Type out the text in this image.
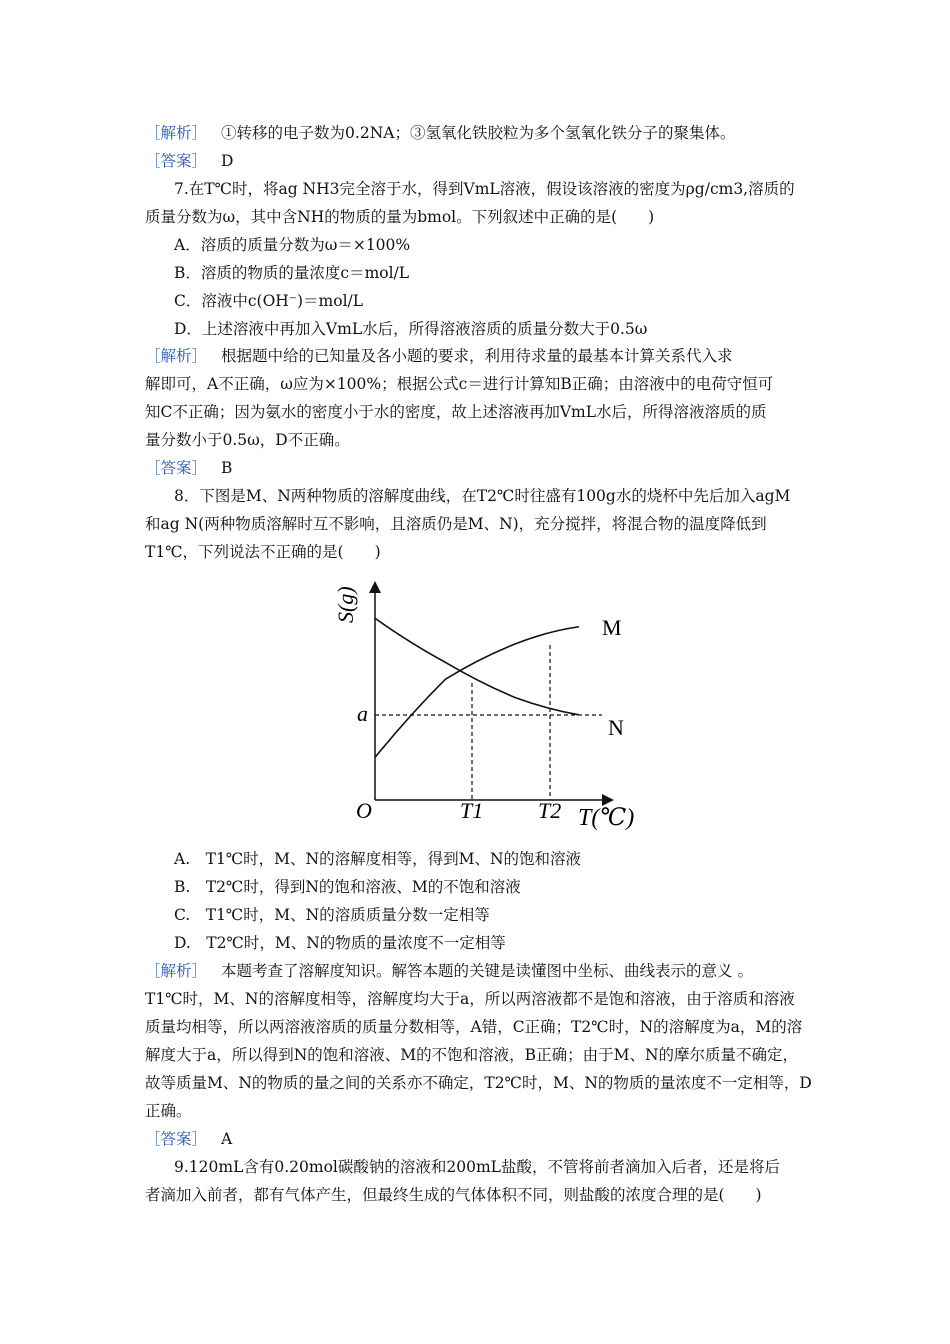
［ 解析 ］ ①转移的电子数为0.2NA；③氢氧化铁胶粒为多个氢氧化铁分子的聚集体。
［ 答案 ］ D
7.在T℃时，将ag NH3完全溶于水，得到VmL溶液，假设该溶液的密度为ρg/cm3,溶质的
质量分数为ω，其中含NH的物质的量为bmol。下列叙述中正确的是(　　)
A．溶质的质量分数为ω＝×100%
B．溶质的物质的量浓度c＝mol/L
C．溶液中c(OH⁻)＝mol/L
D．上述溶液中再加入VmL水后，所得溶液溶质的质量分数大于0.5ω
［ 解析 ］ 根据题中给的已知量及各小题的要求，利用待求量的最基本计算关系代入求
解即可，A不正确，ω应为×100%；根据公式c＝进行计算知B正确；由溶液中的电荷守恒可
知C不正确；因为氨水的密度小于水的密度，故上述溶液再加VmL水后，所得溶液溶质的质
量分数小于0.5ω，D不正确。
［ 答案 ］ B
8．下图是M、N两种物质的溶解度曲线，在T2℃时往盛有100g水的烧杯中先后加入agM
和ag N(两种物质溶解时互不影响，且溶质仍是M、N)，充分搅拌，将混合物的温度降低到
T1℃，下列说法不正确的是(　　)
S(g)
O	T(℃)
a
T1 T2
M
N
A.　T1℃时，M、N的溶解度相等，得到M、N的饱和溶液
B.　T2℃时，得到N的饱和溶液、M的不饱和溶液
C.　T1℃时，M、N的溶质质量分数一定相等
D.　T2℃时，M、N的物质的量浓度不一定相等
［ 解析 ］ 本题考查了溶解度知识。解答本题的关键是读懂图中坐标、曲线表示的意义 。
T1℃时，M、N的溶解度相等，溶解度均大于a，所以两溶液都不是饱和溶液，由于溶质和溶液
质量均相等，所以两溶液溶质的质量分数相等，A错，C正确；T2℃时，N的溶解度为a，M的溶
解度大于a，所以得到N的饱和溶液、M的不饱和溶液，B正确；由于M、N的摩尔质量不确定，
故等质量M、N的物质的量之间的关系亦不确定，T2℃时，M、N的物质的量浓度不一定相等，D
正确。
［ 答案 ］ A
9.120mL含有0.20mol碳酸钠的溶液和200mL盐酸，不管将前者滴加入后者，还是将后
者滴加入前者，都有气体产生，但最终生成的气体体积不同，则盐酸的浓度合理的是(　　)
